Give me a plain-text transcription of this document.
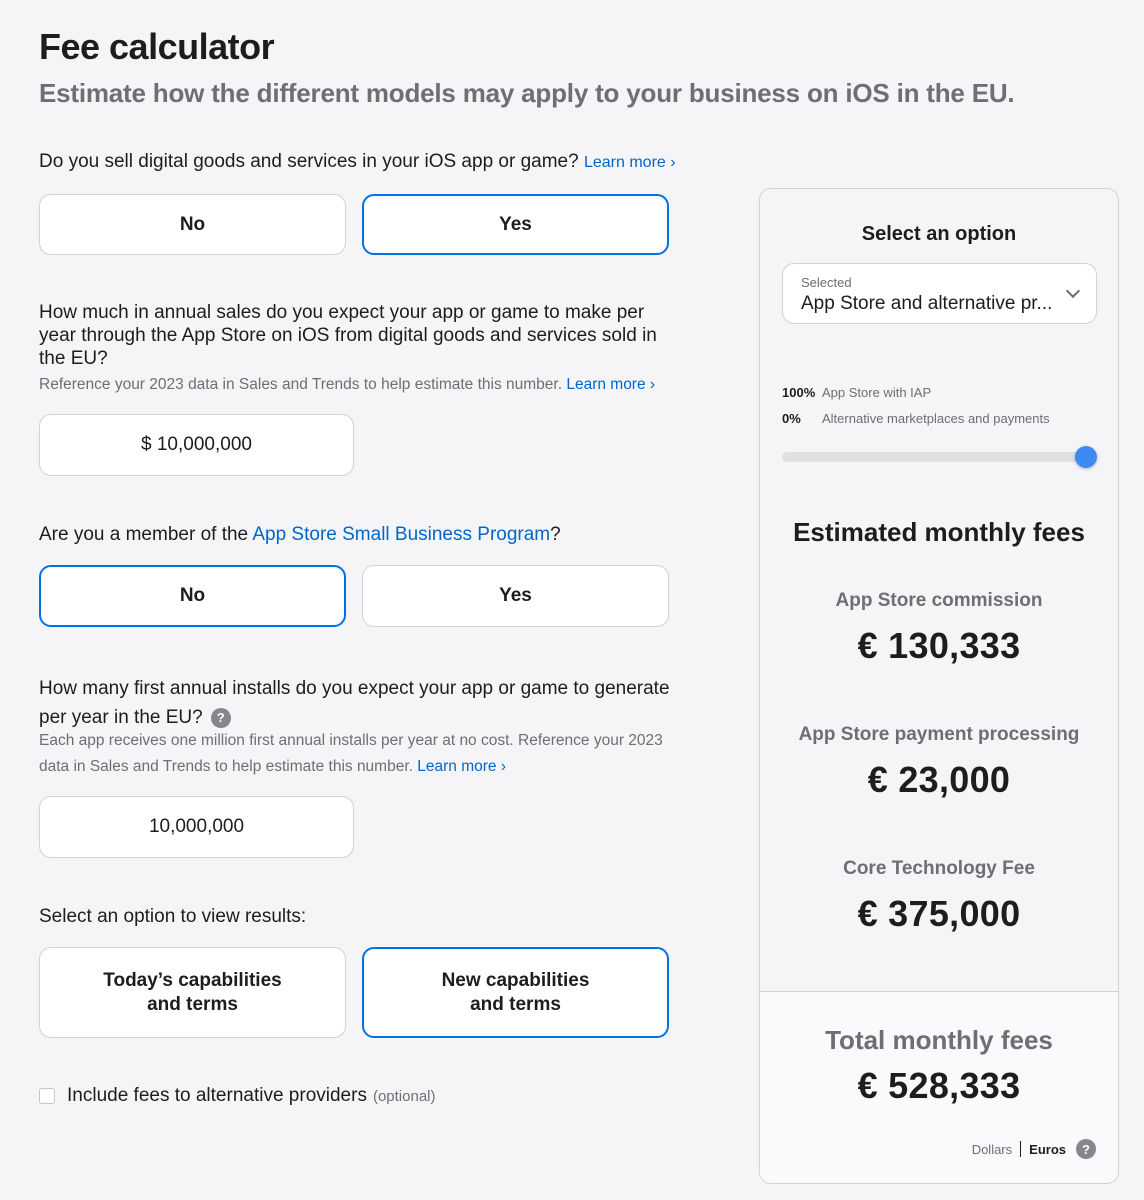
Fee calculator
Estimate how the different models may apply to your business on iOS in the EU.
Do you sell digital goods and services in your iOS app or game? Learn more ›
No	Yes
How much in annual sales do you expect your app or game to make per year through the App Store on iOS from digital goods and services sold in the EU?
Reference your 2023 data in Sales and Trends to help estimate this number. Learn more ›
$ 10,000,000
Are you a member of the App Store Small Business Program?
No	Yes
How many first annual installs do you expect your app or game to generate per year in the EU? ?
Each app receives one million first annual installs per year at no cost. Reference your 2023 data in Sales and Trends to help estimate this number. Learn more ›
10,000,000
Select an option to view results:
Today’s capabilities
and terms
New capabilities
and terms
Include fees to alternative providers (optional)
Select an option
Selected
App Store and alternative pr...
100% App Store with IAP
0%	Alternative marketplaces and payments
Estimated monthly fees
App Store commission
€ 130,333
App Store payment processing
€ 23,000
Core Technology Fee
€ 375,000
Total monthly fees
€ 528,333
Dollars Euros	?
